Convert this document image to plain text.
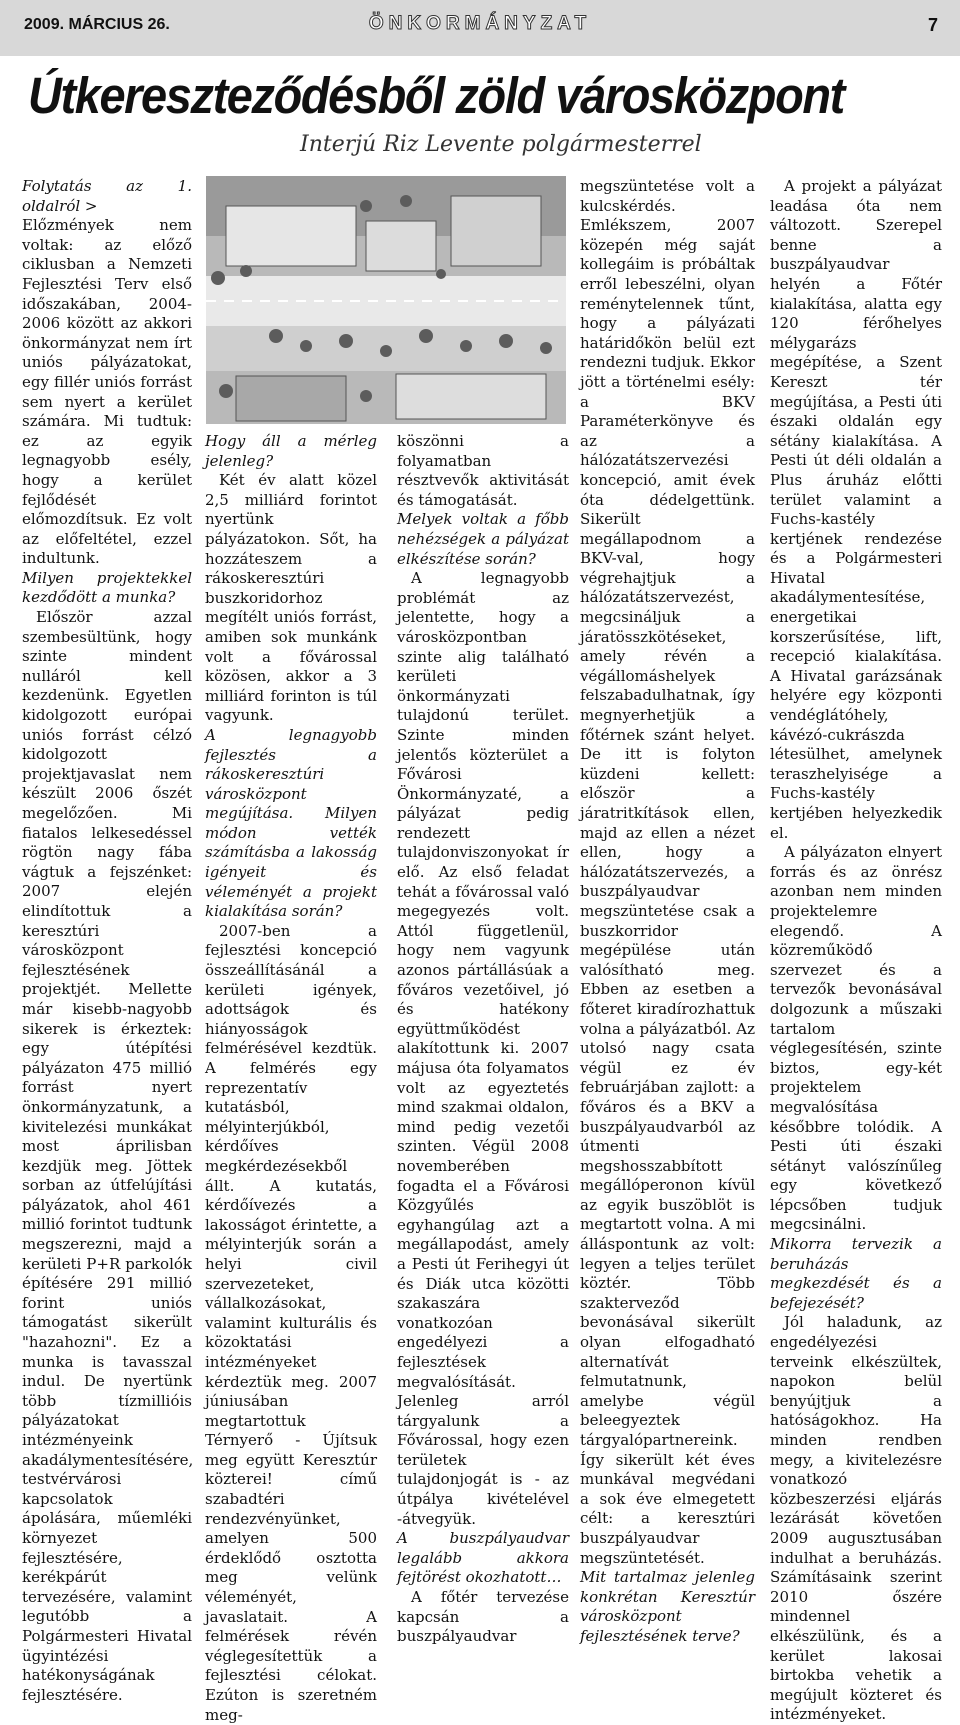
2009. MÁRCIUS 26.	ÖNKORMÁNYZAT	7
Útkereszteződésből zöld városközpont
Interjú Riz Levente polgármesterrel

Folytatás az 1. oldalról >

Előzmények nem voltak: az előző ciklusban a Nemzeti Fejlesztési Terv első időszakában, 2004-2006 között az akkori önkormányzat nem írt uniós pályázatokat, egy fillér uniós forrást sem nyert a kerület számára. Mi tudtuk: ez az egyik legnagyobb esély, hogy a kerület fejlődését előmozdítsuk. Ez volt az előfeltétel, ezzel indultunk.

Milyen projektekkel kezdődött a munka?

Először azzal szembesültünk, hogy szinte mindent nulláról kell kezdenünk. Egyetlen kidolgozott európai uniós forrást célzó kidolgozott projektjavaslat nem készült 2006 őszét megelőzően. Mi fiatalos lelkesedéssel rögtön nagy fába vágtuk a fejszénket: 2007 elején elindítottuk a keresztúri városközpont fejlesztésének projektjét. Mellette már kisebb-nagyobb sikerek is érkeztek: egy útépítési pályázaton 475 millió forrást nyert önkormányzatunk, a kivitelezési munkákat most áprilisban kezdjük meg. Jöttek sorban az útfelújítási pályázatok, ahol 461 millió forintot tudtunk megszerezni, majd a kerületi P+R parkolók építésére 291 millió forint uniós támogatást sikerült "hazahozni". Ez a munka is tavasszal indul. De nyertünk több tízmillióis pályázatokat intézményeink akadálymentesítésére, testvérvárosi kapcsolatok ápolására, műemléki környezet fejlesztésére, kerékpárút tervezésére, valamint legutóbb a Polgármesteri Hivatal ügyintézési hatékonyságának fejlesztésére.

Hogy áll a mérleg jelenleg?

Két év alatt közel 2,5 milliárd forintot nyertünk pályázatokon. Sőt, ha hozzáteszem a rákoskeresztúri buszkoridorhoz megítélt uniós forrást, amiben sok munkánk volt a fővárossal közösen, akkor a 3 milliárd forinton is túl vagyunk.

A legnagyobb fejlesztés a rákoskeresztúri városközpont megújítása. Milyen módon vették számításba a lakosság igényeit és véleményét a projekt kialakítása során?

2007-ben a fejlesztési koncepció összeállításánál a kerületi igények, adottságok és hiányosságok felmérésével kezdtük. A felmérés egy reprezentatív kutatásból, mélyinterjúkból, kérdőíves megkérdezésekből állt. A kutatás, kérdőívezés a lakosságot érintette, a mélyinterjúk során a helyi civil szervezeteket, vállalkozásokat, valamint kulturális és közoktatási intézményeket kérdeztük meg. 2007 júniusában megtartottuk Térnyerő - Újítsuk meg együtt Keresztúr közterei! című szabadtéri rendezvényünket, amelyen 500 érdeklődő osztotta meg velünk véleményét, javaslatait. A felmérések révén véglegesítettük a fejlesztési célokat. Ezúton is szeretném meg-

köszönni a folyamatban résztvevők aktivitását és támogatását.

Melyek voltak a főbb nehézségek a pályázat elkészítése során?

A legnagyobb problémát az jelentette, hogy a városközpontban szinte alig található kerületi önkormányzati tulajdonú terület. Szinte minden jelentős közterület a Fővárosi Önkormányzaté, a pályázat pedig rendezett tulajdonviszonyokat ír elő. Az első feladat tehát a fővárossal való megegyezés volt. Attól függetlenül, hogy nem vagyunk azonos pártállásúak a főváros vezetőivel, jó és hatékony együttműködést alakítottunk ki. 2007 májusa óta folyamatos volt az egyeztetés mind szakmai oldalon, mind pedig vezetői szinten. Végül 2008 novemberében fogadta el a Fővárosi Közgyűlés egyhangúlag azt a megállapodást, amely a Pesti út Ferihegyi út és Diák utca közötti szakaszára vonatkozóan engedélyezi a fejlesztések megvalósítását. Jelenleg arról tárgyalunk a Fővárossal, hogy ezen területek tulajdonjogát is - az útpálya kivételével -átvegyük.

A buszpályaudvar legalább akkora fejtörést okozhatott…

A főtér tervezése kapcsán a buszpályaudvar

megszüntetése volt a kulcskérdés. Emlékszem, 2007 közepén még saját kollegáim is próbáltak erről lebeszélni, olyan reménytelennek tűnt, hogy a pályázati határidőkön belül ezt rendezni tudjuk. Ekkor jött a történelmi esély: a BKV Paraméterkönyve és az a hálózatátszervezési koncepció, amit évek óta dédelgettünk. Sikerült megállapodnom a BKV-val, hogy végrehajtjuk a hálózatátszervezést, megcsináljuk a járatösszkötéseket, amely révén a végállomáshelyek felszabadulhatnak, így megnyerhetjük a főtérnek szánt helyet. De itt is folyton küzdeni kellett: először a járatritkítások ellen, majd az ellen a nézet ellen, hogy a hálózatátszervezés, a buszpályaudvar megszüntetése csak a buszkorridor megépülése után valósítható meg. Ebben az esetben a főteret kiradírozhattuk volna a pályázatból. Az utolsó nagy csata végül ez év februárjában zajlott: a főváros és a BKV a buszpályaudvarból az útmenti megshosszabbított megállóperonon kívül az egyik buszöblöt is megtartott volna. A mi álláspontunk az volt: legyen a teljes terület köztér. Több szakterveződ bevonásával sikerült olyan elfogadható alternatívát felmutatnunk, amelybe végül beleegyeztek tárgyalópartnereink. Így sikerült két éves munkával megvédani a sok éve elmegetett célt: a keresztúri buszpályaudvar megszüntetését.

Mit tartalmaz jelenleg konkrétan Keresztúr városközpont fejlesztésének terve?

A projekt a pályázat leadása óta nem változott. Szerepel benne a buszpályaudvar helyén a Főtér kialakítása, alatta egy 120 férőhelyes mélygarázs megépítése, a Szent Kereszt tér megújítása, a Pesti úti északi oldalán egy sétány kialakítása. A Pesti út déli oldalán a Plus áruház előtti terület valamint a Fuchs-kastély kertjének rendezése és a Polgármesteri Hivatal akadálymentesítése, energetikai korszerűsítése, lift, recepció kialakítása. A Hivatal garázsának helyére egy központi vendéglátóhely, kávézó-cukrászda létesülhet, amelynek teraszhelyisége a Fuchs-kastély kertjében helyezkedik el.

A pályázaton elnyert forrás és az önrész azonban nem minden projektelemre elegendő. A közreműködő szervezet és a tervezők bevonásával dolgozunk a műszaki tartalom véglegesítésén, szinte biztos, egy-két projektelem megvalósítása későbbre tolódik. A Pesti úti északi sétányt valószínűleg egy következő lépcsőben tudjuk megcsinálni.

Mikorra tervezik a beruházás megkezdését és a befejezését?

Jól haladunk, az engedélyezési terveink elkészültek, napokon belül benyújtjuk a hatóságokhoz. Ha minden rendben megy, a kivitelezésre vonatkozó közbeszerzési eljárás lezárását követően 2009 augusztusában indulhat a beruházás. Számításaink szerint 2010 őszére mindennel elkészülünk, és a kerület lakosai birtokba vehetik a megújult közteret és intézményeket.
